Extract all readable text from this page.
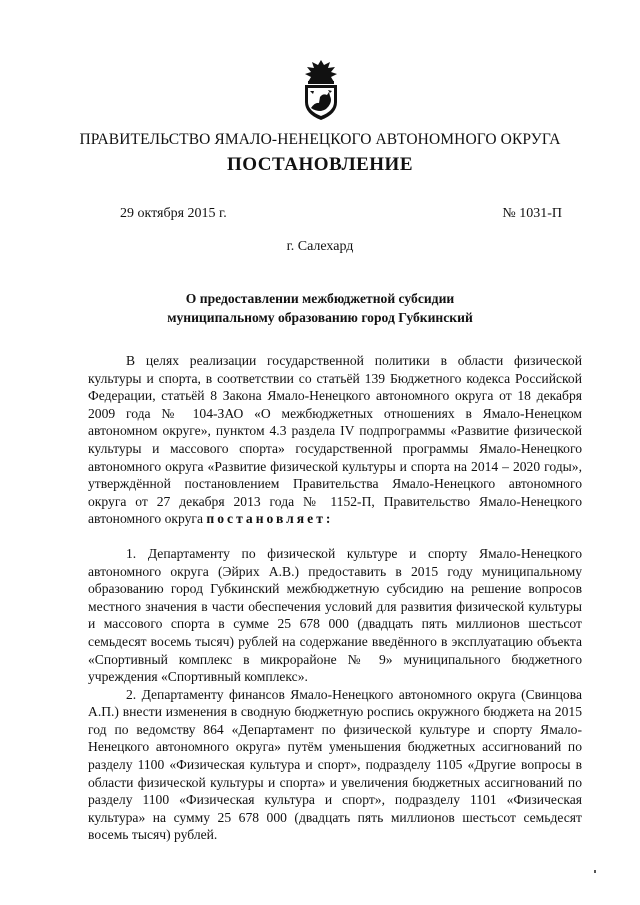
ПРАВИТЕЛЬСТВО ЯМАЛО-НЕНЕЦКОГО АВТОНОМНОГО ОКРУГА
ПОСТАНОВЛЕНИЕ
29 октября 2015 г.	№ 1031-П
г. Салехард
О предоставлении межбюджетной субсидии
муниципальному образованию город Губкинский

В целях реализации государственной политики в области физической культуры и спорта, в соответствии со статьёй 139 Бюджетного кодекса Российской Федерации, статьёй 8 Закона Ямало-Ненецкого автономного округа от 18 декабря 2009 года № 104-ЗАО «О межбюджетных отношениях в Ямало-Ненецком автономном округе», пунктом 4.3 раздела IV подпрограммы «Развитие физической культуры и массового спорта» государственной программы Ямало-Ненецкого автономного округа «Развитие физической культуры и спорта на 2014 – 2020 годы», утверждённой постановлением Правительства Ямало-Ненецкого автономного округа от 27 декабря 2013 года № 1152-П, Правительство Ямало-Ненецкого автономного округа постановляет:

1. Департаменту по физической культуре и спорту Ямало-Ненецкого автономного округа (Эйрих А.В.) предоставить в 2015 году муниципальному образованию город Губкинский межбюджетную субсидию на решение вопросов местного значения в части обеспечения условий для развития физической культуры и массового спорта в сумме 25 678 000 (двадцать пять миллионов шестьсот семьдесят восемь тысяч) рублей на содержание введённого в эксплуатацию объекта «Спортивный комплекс в микрорайоне № 9» муниципального бюджетного учреждения «Спортивный комплекс».

2. Департаменту финансов Ямало-Ненецкого автономного округа (Свинцова А.П.) внести изменения в сводную бюджетную роспись окружного бюджета на 2015 год по ведомству 864 «Департамент по физической культуре и спорту Ямало-Ненецкого автономного округа» путём уменьшения бюджетных ассигнований по разделу 1100 «Физическая культура и спорт», подразделу 1105 «Другие вопросы в области физической культуры и спорта» и увеличения бюджетных ассигнований по разделу 1100 «Физическая культура и спорт», подразделу 1101 «Физическая культура» на сумму 25 678 000 (двадцать пять миллионов шестьсот семьдесят восемь тысяч) рублей.
